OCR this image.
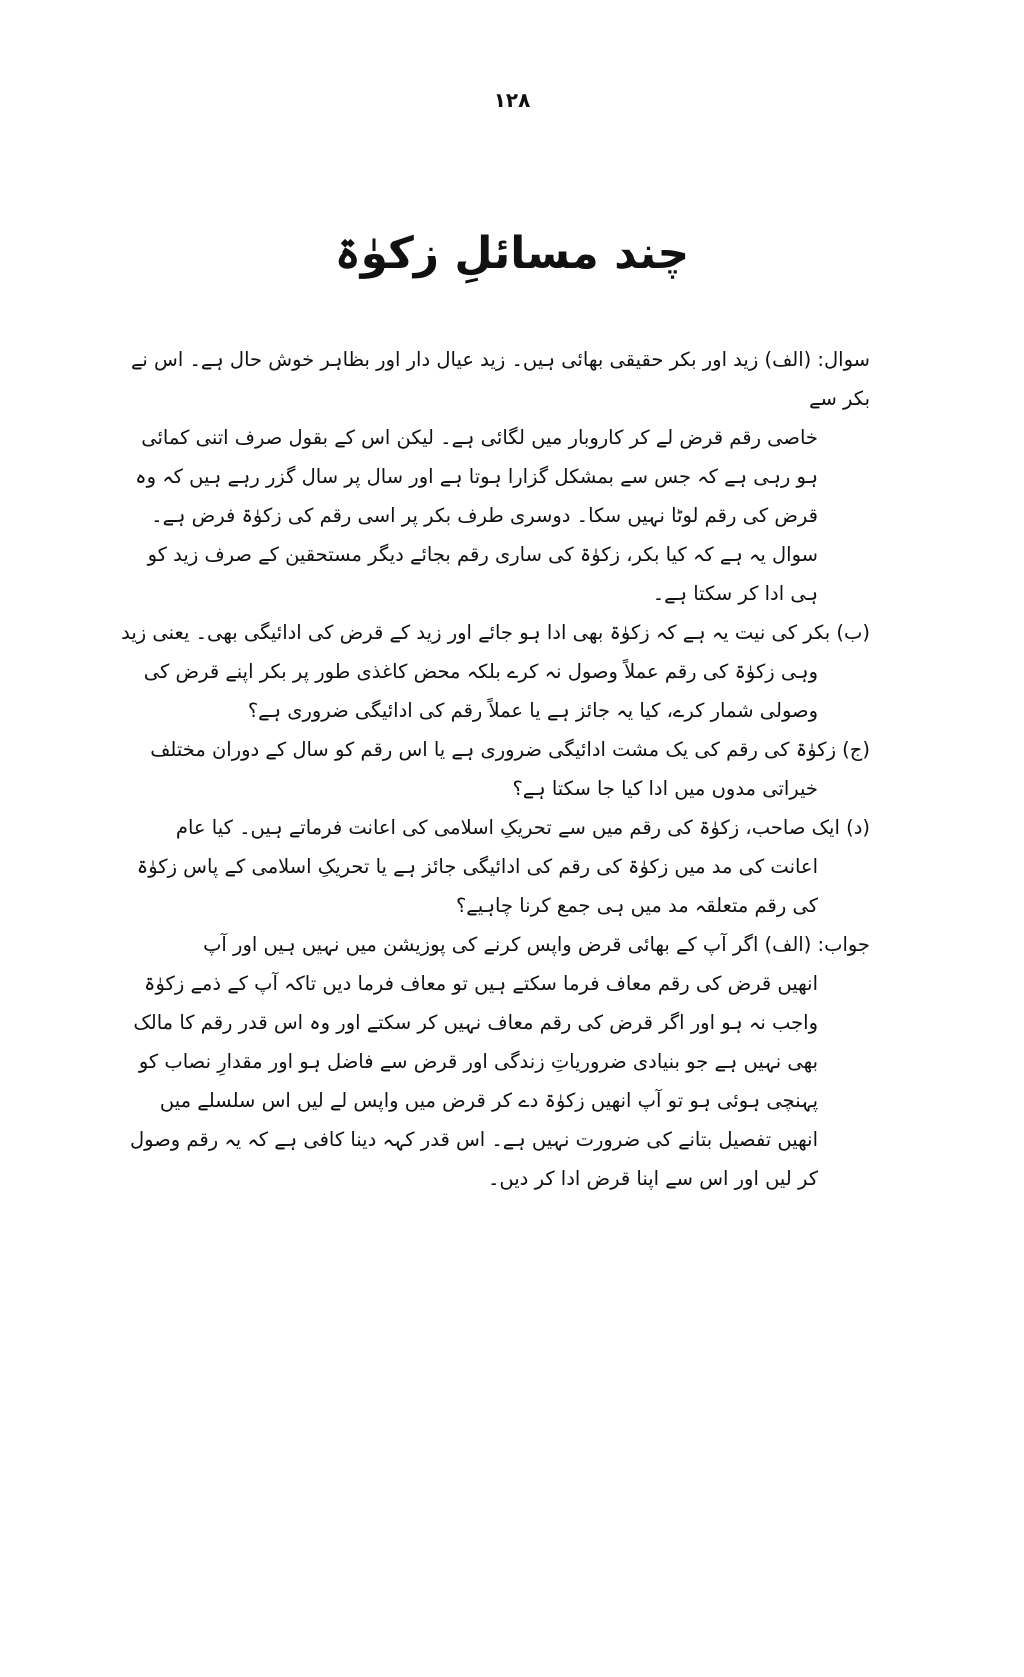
۱۲۸
چند مسائلِ زکوٰۃ

سوال: (الف) زید اور بکر حقیقی بھائی ہیں۔ زید عیال دار اور بظاہر خوش حال ہے۔ اس نے بکر سے
خاصی رقم قرض لے کر کاروبار میں لگائی ہے۔ لیکن اس کے بقول صرف اتنی کمائی ہو رہی ہے کہ جس سے بمشکل گزارا ہوتا ہے اور سال پر سال گزر رہے ہیں کہ وہ قرض کی رقم لوٹا نہیں سکا۔ دوسری طرف بکر پر اسی رقم کی زکوٰۃ فرض ہے۔ سوال یہ ہے کہ کیا بکر، زکوٰۃ کی ساری رقم بجائے دیگر مستحقین کے صرف زید کو ہی ادا کر سکتا ہے۔

(ب) بکر کی نیت یہ ہے کہ زکوٰۃ بھی ادا ہو جائے اور زید کے قرض کی ادائیگی بھی۔ یعنی زید
وہی زکوٰۃ کی رقم عملاً وصول نہ کرے بلکہ محض کاغذی طور پر بکر اپنے قرض کی وصولی شمار کرے، کیا یہ جائز ہے یا عملاً رقم کی ادائیگی ضروری ہے؟

(ج) زکوٰۃ کی رقم کی یک مشت ادائیگی ضروری ہے یا اس رقم کو سال کے دوران مختلف
خیراتی مدوں میں ادا کیا جا سکتا ہے؟

(د) ایک صاحب، زکوٰۃ کی رقم میں سے تحریکِ اسلامی کی اعانت فرماتے ہیں۔ کیا عام
اعانت کی مد میں زکوٰۃ کی رقم کی ادائیگی جائز ہے یا تحریکِ اسلامی کے پاس زکوٰۃ کی رقم متعلقہ مد میں ہی جمع کرنا چاہیے؟

جواب: (الف) اگر آپ کے بھائی قرض واپس کرنے کی پوزیشن میں نہیں ہیں اور آپ
انھیں قرض کی رقم معاف فرما سکتے ہیں تو معاف فرما دیں تاکہ آپ کے ذمے زکوٰۃ واجب نہ ہو اور اگر قرض کی رقم معاف نہیں کر سکتے اور وہ اس قدر رقم کا مالک بھی نہیں ہے جو بنیادی ضروریاتِ زندگی اور قرض سے فاضل ہو اور مقدارِ نصاب کو پہنچی ہوئی ہو تو آپ انھیں زکوٰۃ دے کر قرض میں واپس لے لیں اس سلسلے میں انھیں تفصیل بتانے کی ضرورت نہیں ہے۔ اس قدر کہہ دینا کافی ہے کہ یہ رقم وصول کر لیں اور اس سے اپنا قرض ادا کر دیں۔
